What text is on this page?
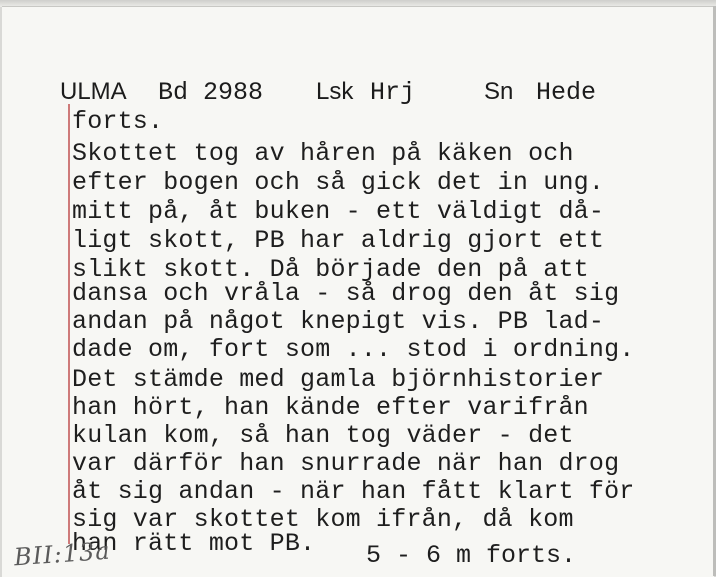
ULMA Bd 2988 Lsk Hrj	Sn Hede
forts.
Skottet tog av håren på käken och
efter bogen och så gick det in ung.
mitt på, åt buken - ett väldigt då-
ligt skott, PB har aldrig gjort ett
slikt skott. Då började den på att
dansa och vråla - så drog den åt sig
andan på något knepigt vis. PB lad-
dade om, fort som ... stod i ordning.
Det stämde med gamla björnhistorier
han hört, han kände efter varifrån
kulan kom, så han tog väder - det
var därför han snurrade när han drog
åt sig andan - när han fått klart för
sig var skottet kom ifrån, då kom
han rätt mot PB. 5 - 6 m forts.
BII:13a
